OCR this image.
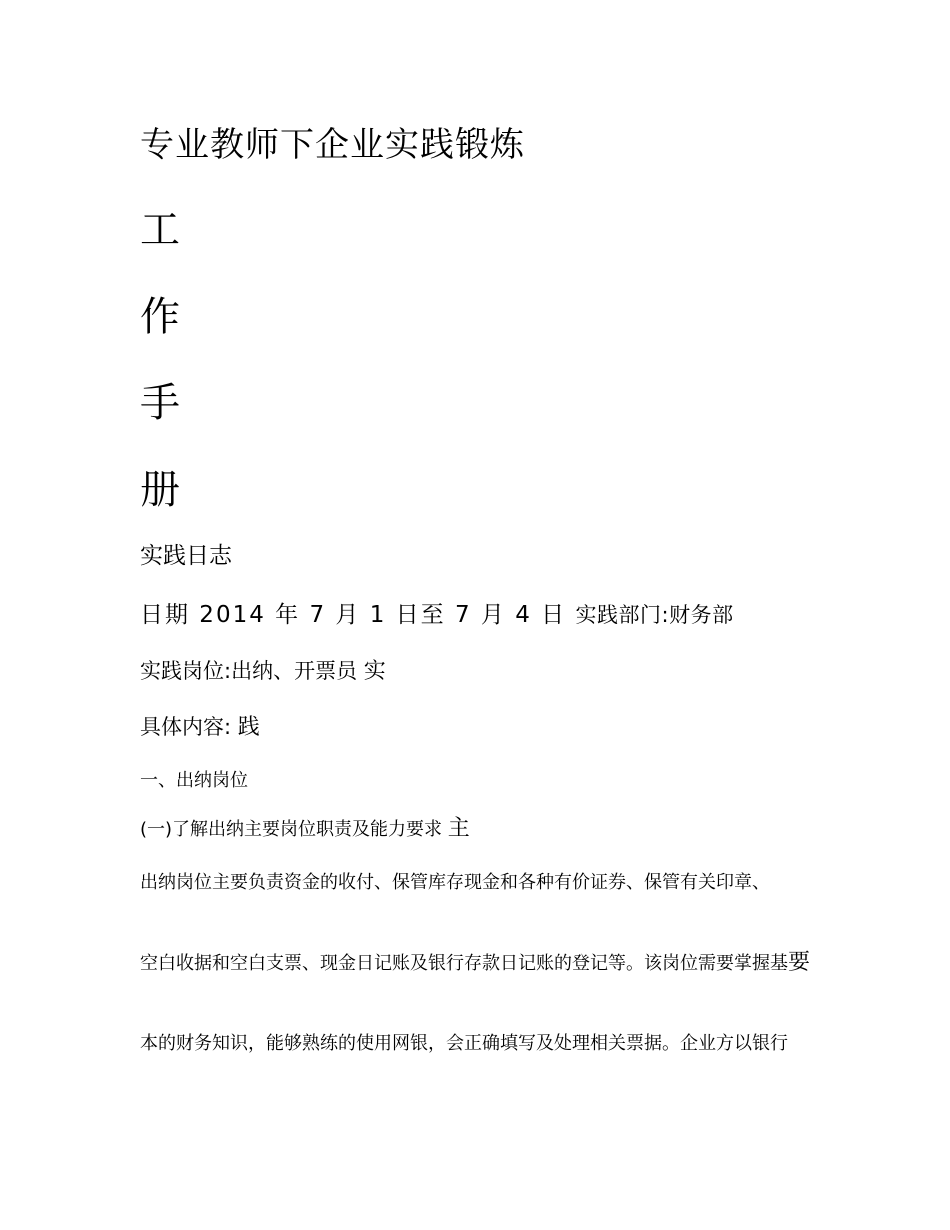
专业教师下企业实践锻炼
工
作
手
册
实践日志
日期 2014 年 7 月 1 日至 7 月 4 日 实践部门:财务部
实践岗位:出纳、开票员 实
具体内容: 践
一、出纳岗位
(一)了解出纳主要岗位职责及能力要求 主
出纳岗位主要负责资金的收付、保管库存现金和各种有价证券、保管有关印章、
空白收据和空白支票、现金日记账及银行存款日记账的登记等。该岗位需要掌握基要
本的财务知识，能够熟练的使用网银，会正确填写及处理相关票据。企业方以银行
